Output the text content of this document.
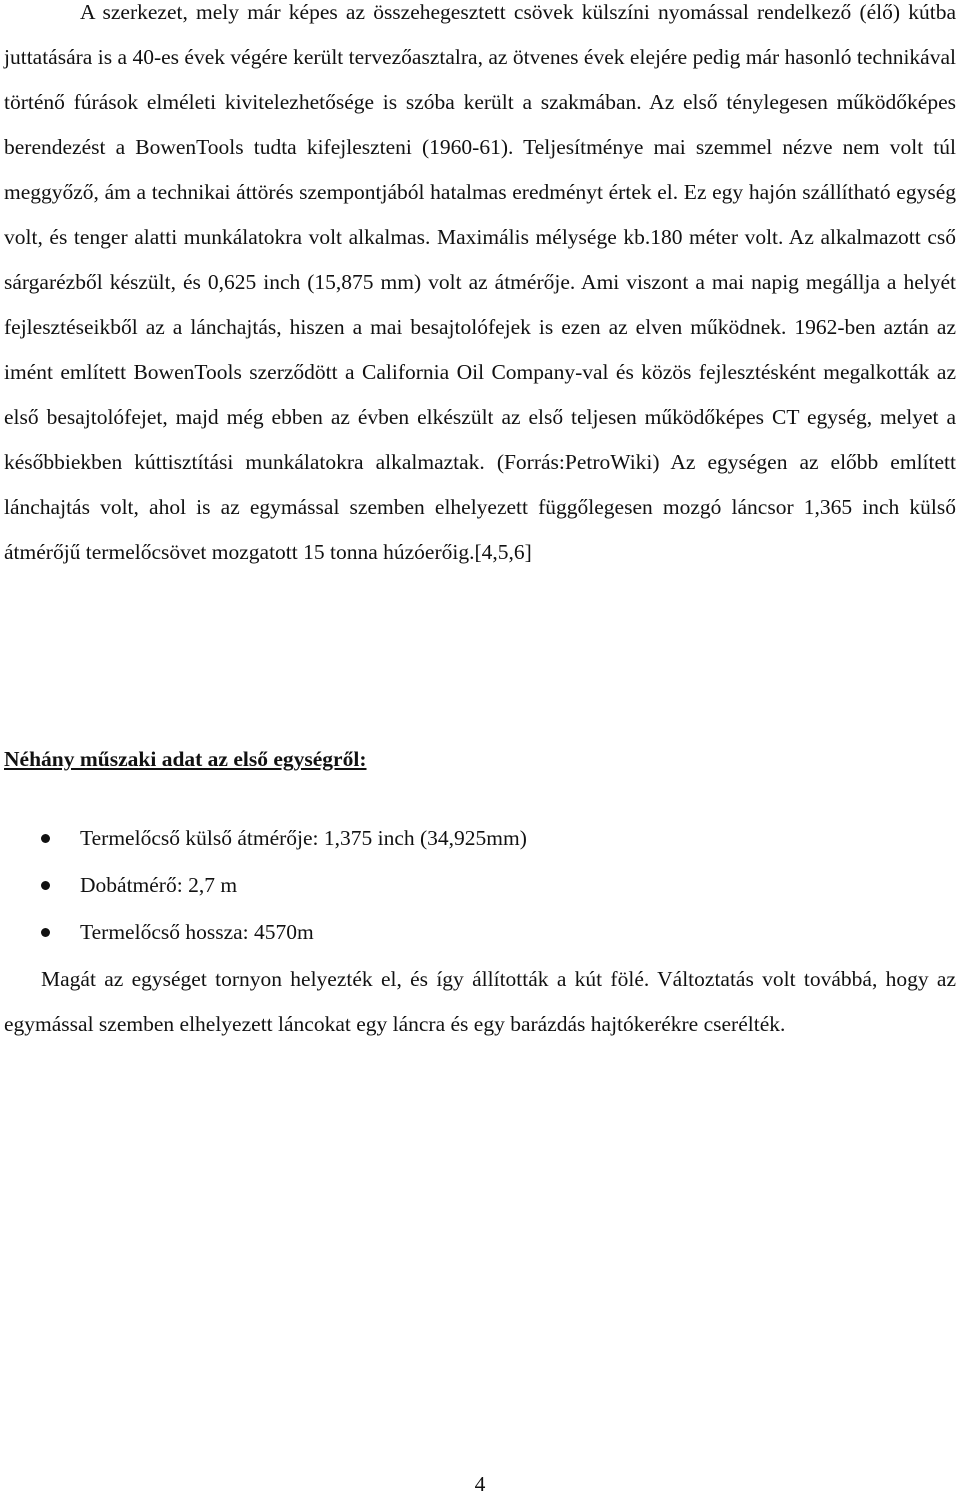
A szerkezet, mely már képes az összehegesztett csövek külszíni nyomással rendelkező (élő) kútba juttatására is a 40-es évek végére került tervezőasztalra, az ötvenes évek elejére pedig már hasonló technikával történő fúrások elméleti kivitelezhetősége is szóba került a szakmában. Az első ténylegesen működőképes berendezést a BowenTools tudta kifejleszteni (1960-61). Teljesítménye mai szemmel nézve nem volt túl meggyőző, ám a technikai áttörés szempontjából hatalmas eredményt értek el. Ez egy hajón szállítható egység volt, és tenger alatti munkálatokra volt alkalmas. Maximális mélysége kb.180 méter volt. Az alkalmazott cső sárgarézből készült, és 0,625 inch (15,875 mm) volt az átmérője. Ami viszont a mai napig megállja a helyét fejlesztéseikből az a lánchajtás, hiszen a mai besajtolófejek is ezen az elven működnek. 1962-ben aztán az imént említett BowenTools szerződött a California Oil Company-val és közös fejlesztésként megalkották az első besajtolófejet, majd még ebben az évben elkészült az első teljesen működőképes CT egység, melyet a későbbiekben kúttisztítási munkálatokra alkalmaztak. (Forrás:PetroWiki) Az egységen az előbb említett lánchajtás volt, ahol is az egymással szemben elhelyezett függőlegesen mozgó láncsor 1,365 inch külső átmérőjű termelőcsövet mozgatott 15 tonna húzóerőig.[4,5,6]

Néhány műszaki adat az első egységről:

Termelőcső külső átmérője: 1,375 inch (34,925mm)
Dobátmérő: 2,7 m
Termelőcső hossza: 4570m

Magát az egységet tornyon helyezték el, és így állították a kút fölé. Változtatás volt továbbá, hogy az egymással szemben elhelyezett láncokat egy láncra és egy barázdás hajtókerékre cserélték.

4
